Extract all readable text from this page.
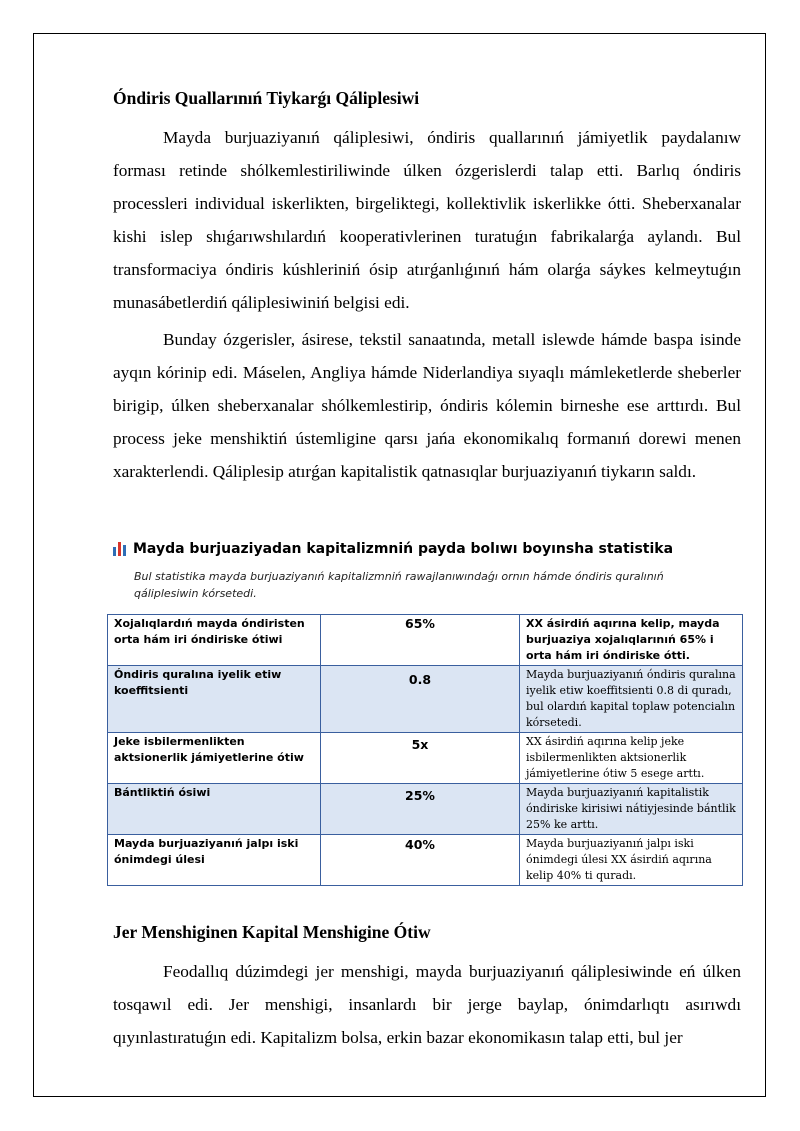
Óndiris Quallarınıń Tiykarǵı Qáliplesiwi

Mayda burjuaziyanıń qáliplesiwi, óndiris quallarınıń jámiyetlik paydalanıw forması retinde shólkemlestiriliwinde úlken ózgerislerdi talap etti. Barlıq óndiris processleri individual iskerlikten, birgeliktegi, kollektivlik iskerlikke ótti. Sheberxanalar kishi islep shıǵarıwshılardıń kooperativlerinen turatuǵın fabrikalarǵa aylandı. Bul transformaciya óndiris kúshleriniń ósip atırǵanlıǵınıń hám olarǵa sáykes kelmeytuǵın munasábetlerdiń qáliplesiwiniń belgisi edi.

Bunday ózgerisler, ásirese, tekstil sanaatında, metall islewde hámde baspa isinde ayqın kórinip edi. Máselen, Angliya hámde Niderlandiya sıyaqlı mámleketlerde sheberler birigip, úlken sheberxanalar shólkemlestirip, óndiris kólemin birneshe ese arttırdı. Bul process jeke menshiktiń ústemligine qarsı jańa ekonomikalıq formanıń dorewi menen xarakterlendi. Qáliplesip atırǵan kapitalistik qatnasıqlar burjuaziyanıń tiykarın saldı.

Mayda burjuaziyadan kapitalizmniń payda bolıwı boyınsha statistika

Bul statistika mayda burjuaziyanıń kapitalizmniń rawajlanıwındaǵı ornın hámde óndiris quralınıń qáliplesiwin kórsetedi.

Xojalıqlardıń mayda óndiristen orta hám iri óndiriske ótiwi	65%	XX ásirdiń aqırına kelip, mayda burjuaziya xojalıqlarınıń 65% i orta hám iri óndiriske ótti.
Óndiris quralına iyelik etiw koeffitsienti	0.8	Mayda burjuaziyanıń óndiris quralına iyelik etiw koeffitsienti 0.8 di quradı, bul olardıń kapital toplaw potencialın kórsetedi.
Jeke isbilermenlikten aktsionerlik jámiyetlerine ótiw	5x	XX ásirdiń aqırına kelip jeke isbilermenlikten aktsionerlik jámiyetlerine ótiw 5 esege arttı.
Bántliktiń ósiwi	25%	Mayda burjuaziyanıń kapitalistik óndiriske kirisiwi nátiyjesinde bántlik 25% ke arttı.
Mayda burjuaziyanıń jalpı iski ónimdegi úlesi	40%	Mayda burjuaziyanıń jalpı iski ónimdegi úlesi XX ásirdiń aqırına kelip 40% ti quradı.
Jer Menshiginen Kapital Menshigine Ótiw

Feodallıq dúzimdegi jer menshigi, mayda burjuaziyanıń qáliplesiwinde eń úlken tosqawıl edi. Jer menshigi, insanlardı bir jerge baylap, ónimdarlıqtı asırıwdı qıyınlastıratuǵın edi. Kapitalizm bolsa, erkin bazar ekonomikasın talap etti, bul jer
